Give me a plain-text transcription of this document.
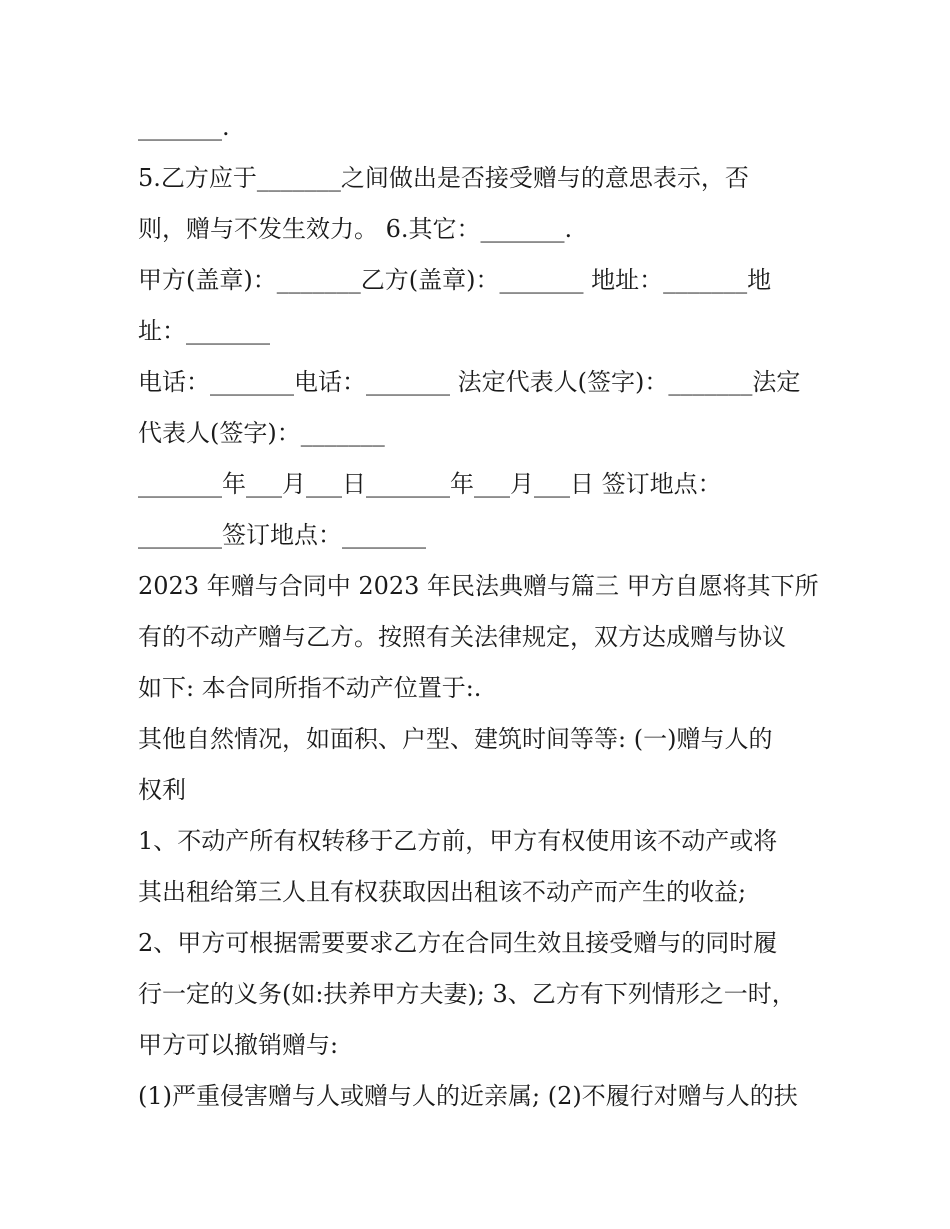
_______.
5.乙方应于_______之间做出是否接受赠与的意思表示，否
则，赠与不发生效力。 6.其它：_______.
甲方(盖章)：_______乙方(盖章)：_______ 地址：_______地
址：_______
电话：_______电话：_______ 法定代表人(签字)：_______法定
代表人(签字)：_______
_______年___月___日_______年___月___日 签订地点：
_______签订地点：_______
2023 年赠与合同中 2023 年民法典赠与篇三 甲方自愿将其下所
有的不动产赠与乙方。按照有关法律规定，双方达成赠与协议
如下: 本合同所指不动产位置于:.
其他自然情况，如面积、户型、建筑时间等等: (一)赠与人的
权利
1、不动产所有权转移于乙方前，甲方有权使用该不动产或将
其出租给第三人且有权获取因出租该不动产而产生的收益;
2、甲方可根据需要要求乙方在合同生效且接受赠与的同时履
行一定的义务(如:扶养甲方夫妻); 3、乙方有下列情形之一时，
甲方可以撤销赠与:
(1)严重侵害赠与人或赠与人的近亲属; (2)不履行对赠与人的扶
